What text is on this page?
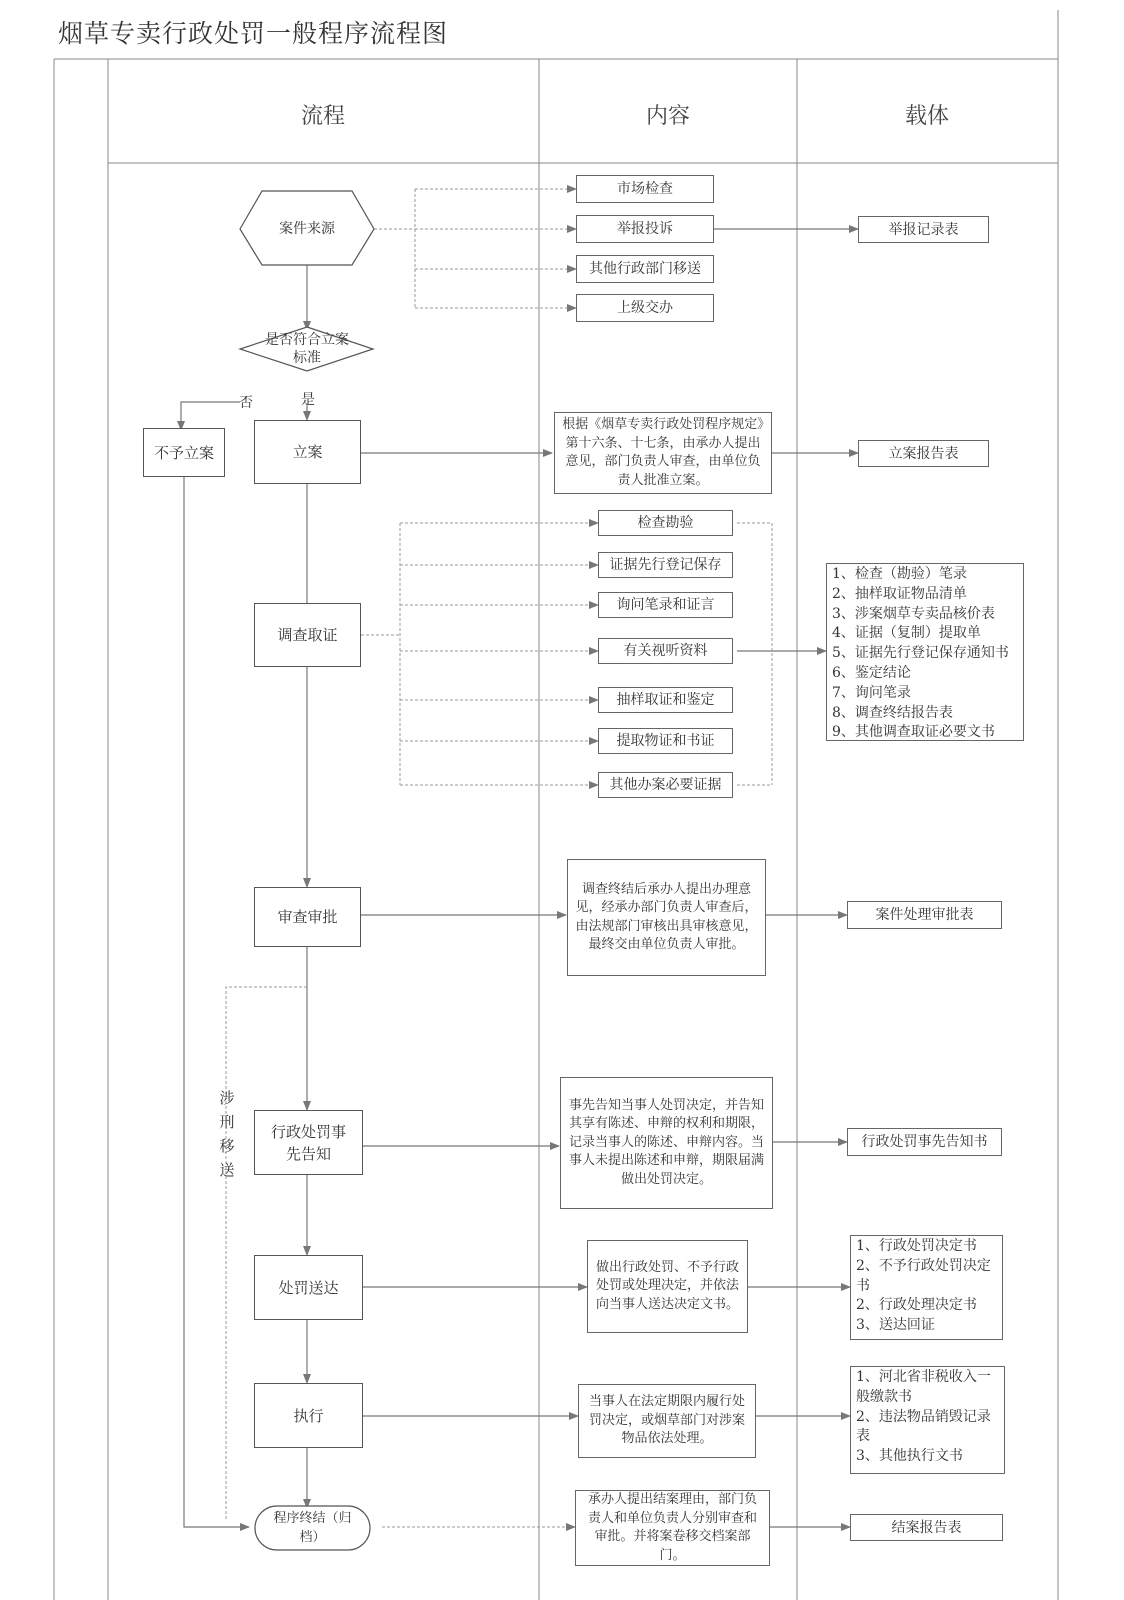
烟草专卖行政处罚一般程序流程图
流程	内容	载体
案件来源
是否符合立案标准
是
否
不予立案	立案
调查取证
审查审批
行政处罚事先告知
处罚送达
执行
程序终结（归档）
涉刑移送
市场检查
举报投诉
其他行政部门移送
上级交办
根据《烟草专卖行政处罚程序规定》第十六条、十七条，由承办人提出意见，部门负责人审查，由单位负责人批准立案。
检查勘验
证据先行登记保存
询问笔录和证言
有关视听资料
抽样取证和鉴定
提取物证和书证
其他办案必要证据
调查终结后承办人提出办理意见，经承办部门负责人审查后，由法规部门审核出具审核意见，最终交由单位负责人审批。
事先告知当事人处罚决定，并告知其享有陈述、申辩的权利和期限，记录当事人的陈述、申辩内容。当事人未提出陈述和申辩，期限届满做出处罚决定。
做出行政处罚、不予行政处罚或处理决定，并依法向当事人送达决定文书。
当事人在法定期限内履行处罚决定，或烟草部门对涉案物品依法处理。
承办人提出结案理由，部门负责人和单位负责人分别审查和审批。并将案卷移交档案部门。
举报记录表
立案报告表
1、检查（勘验）笔录
2、抽样取证物品清单
3、涉案烟草专卖品核价表
4、证据（复制）提取单
5、证据先行登记保存通知书
6、鉴定结论
7、询问笔录
8、调查终结报告表
9、其他调查取证必要文书
案件处理审批表
行政处罚事先告知书
1、行政处罚决定书
2、不予行政处罚决定书
2、行政处理决定书
3、送达回证
1、河北省非税收入一般缴款书
2、违法物品销毁记录表
3、其他执行文书
结案报告表
